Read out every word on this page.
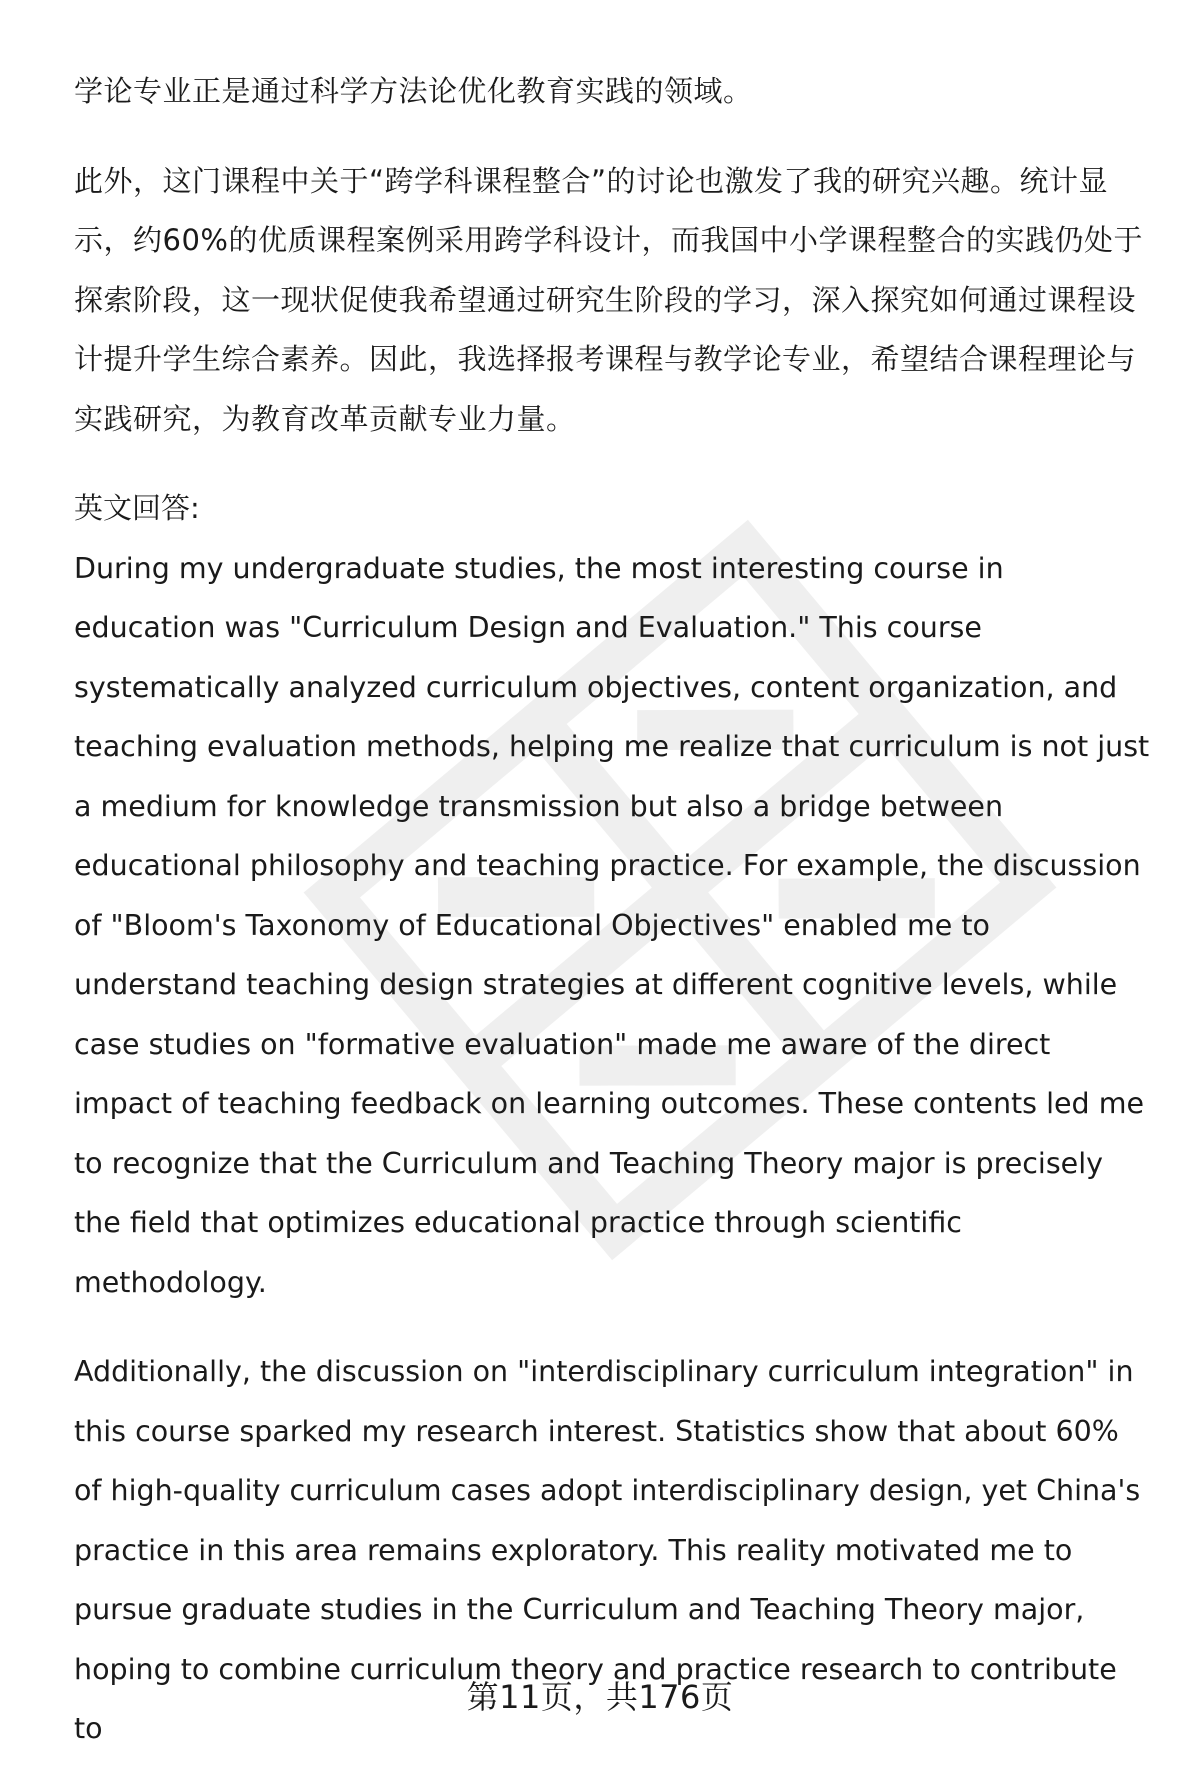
学论专业正是通过科学方法论优化教育实践的领域。

此外，这门课程中关于“跨学科课程整合”的讨论也激发了我的研究兴趣。统计显示，约60%的优质课程案例采用跨学科设计，而我国中小学课程整合的实践仍处于探索阶段，这一现状促使我希望通过研究生阶段的学习，深入探究如何通过课程设计提升学生综合素养。因此，我选择报考课程与教学论专业，希望结合课程理论与实践研究，为教育改革贡献专业力量。

英文回答:

During my undergraduate studies, the most interesting course in education was "Curriculum Design and Evaluation." This course systematically analyzed curriculum objectives, content organization, and teaching evaluation methods, helping me realize that curriculum is not just a medium for knowledge transmission but also a bridge between educational philosophy and teaching practice. For example, the discussion of "Bloom's Taxonomy of Educational Objectives" enabled me to understand teaching design strategies at different cognitive levels, while case studies on "formative evaluation" made me aware of the direct impact of teaching feedback on learning outcomes. These contents led me to recognize that the Curriculum and Teaching Theory major is precisely the field that optimizes educational practice through scientific methodology.

Additionally, the discussion on "interdisciplinary curriculum integration" in this course sparked my research interest. Statistics show that about 60% of high-quality curriculum cases adopt interdisciplinary design, yet China's practice in this area remains exploratory. This reality motivated me to pursue graduate studies in the Curriculum and Teaching Theory major, hoping to combine curriculum theory and practice research to contribute to

第11页，共176页
